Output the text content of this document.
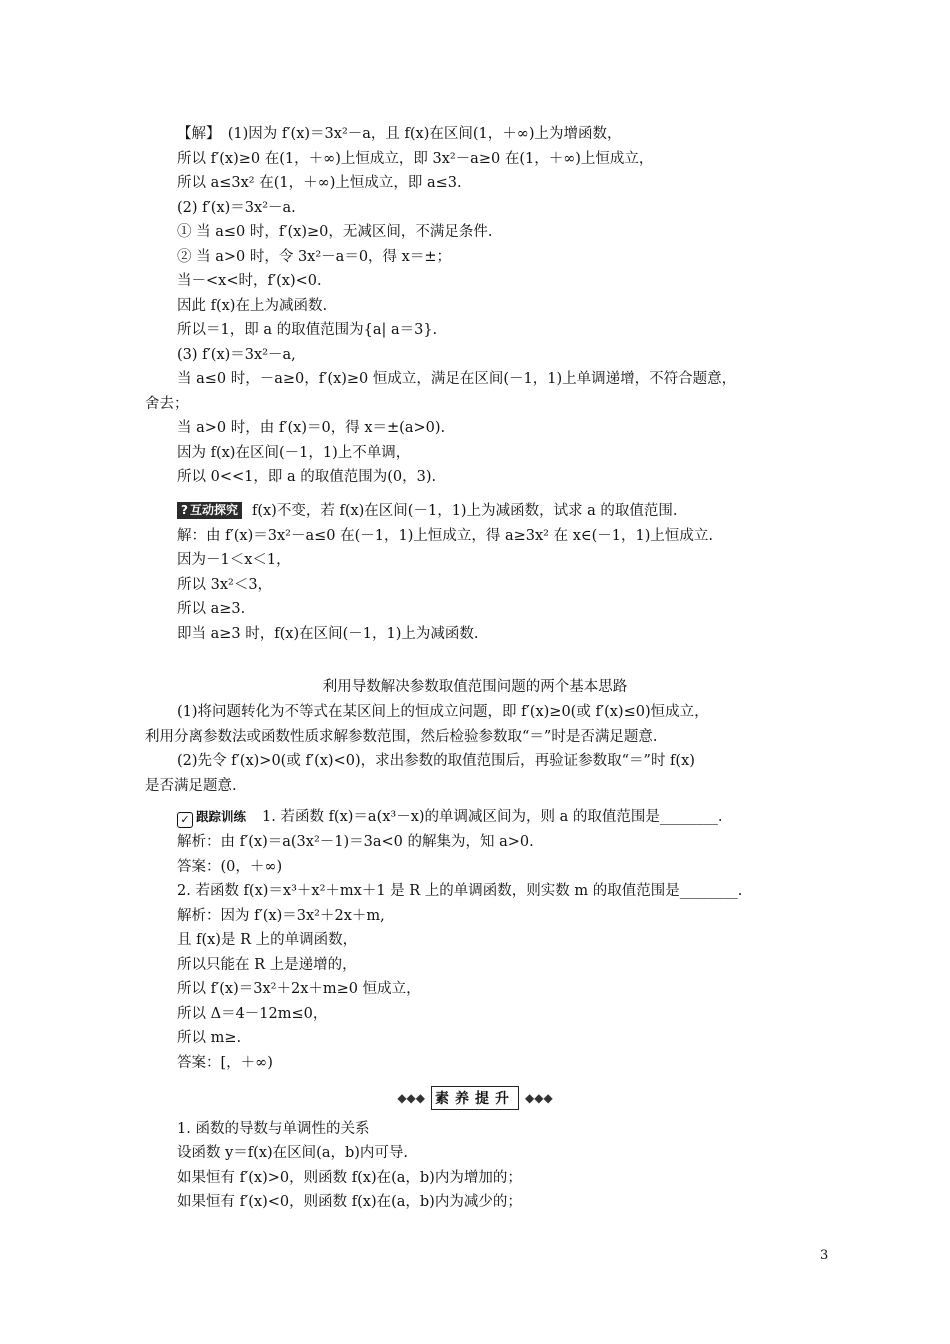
【解】　(1)因为 f′(x)＝3x²－a，且 f(x)在区间(1，＋∞)上为增函数，
所以 f′(x)≥0 在(1，＋∞)上恒成立，即 3x²－a≥0 在(1，＋∞)上恒成立，
所以 a≤3x² 在(1，＋∞)上恒成立，即 a≤3.
(2) f′(x)＝3x²－a.
① 当 a≤0 时，f′(x)≥0，无减区间，不满足条件.
② 当 a>0 时，令 3x²－a＝0，得 x＝±；
当－<x<时，f′(x)<0.
因此 f(x)在上为减函数.
所以＝1，即 a 的取值范围为{a| a＝3}.
(3) f′(x)＝3x²－a,
当 a≤0 时，－a≥0，f′(x)≥0 恒成立，满足在区间(－1，1)上单调递增，不符合题意，
舍去；
当 a>0 时，由 f′(x)＝0，得 x＝±(a>0).
因为 f(x)在区间(－1，1)上不单调，
所以 0<<1，即 a 的取值范围为(0，3).
? 互动探究 f(x)不变，若 f(x)在区间(－1，1)上为减函数，试求 a 的取值范围.
解：由 f′(x)＝3x²－a≤0 在(－1，1)上恒成立，得 a≥3x² 在 x∈(－1，1)上恒成立.
因为－1＜x＜1，
所以 3x²＜3，
所以 a≥3.
即当 a≥3 时，f(x)在区间(－1，1)上为减函数.
利用导数解决参数取值范围问题的两个基本思路
(1)将问题转化为不等式在某区间上的恒成立问题，即 f′(x)≥0(或 f′(x)≤0)恒成立，
利用分离参数法或函数性质求解参数范围，然后检验参数取“＝”时是否满足题意.
(2)先令 f′(x)>0(或 f′(x)<0)，求出参数的取值范围后，再验证参数取“＝”时 f(x)
是否满足题意.
✓ 跟踪训练 1. 若函数 f(x)＝a(x³－x)的单调减区间为，则 a 的取值范围是________.
解析：由 f′(x)＝a(3x²－1)＝3a<0 的解集为，知 a>0.
答案：(0，＋∞)
2. 若函数 f(x)＝x³＋x²＋mx＋1 是 R 上的单调函数，则实数 m 的取值范围是________.
解析：因为 f′(x)＝3x²＋2x＋m,
且 f(x)是 R 上的单调函数，
所以只能在 R 上是递增的，
所以 f′(x)＝3x²＋2x＋m≥0 恒成立，
所以 Δ＝4－12m≤0，
所以 m≥.
答案：[，＋∞)
◆◆◆ 素 养 提 升 ◆◆◆
1. 函数的导数与单调性的关系
设函数 y＝f(x)在区间(a，b)内可导.
如果恒有 f′(x)>0，则函数 f(x)在(a，b)内为增加的；
如果恒有 f′(x)<0，则函数 f(x)在(a，b)内为减少的；
3
